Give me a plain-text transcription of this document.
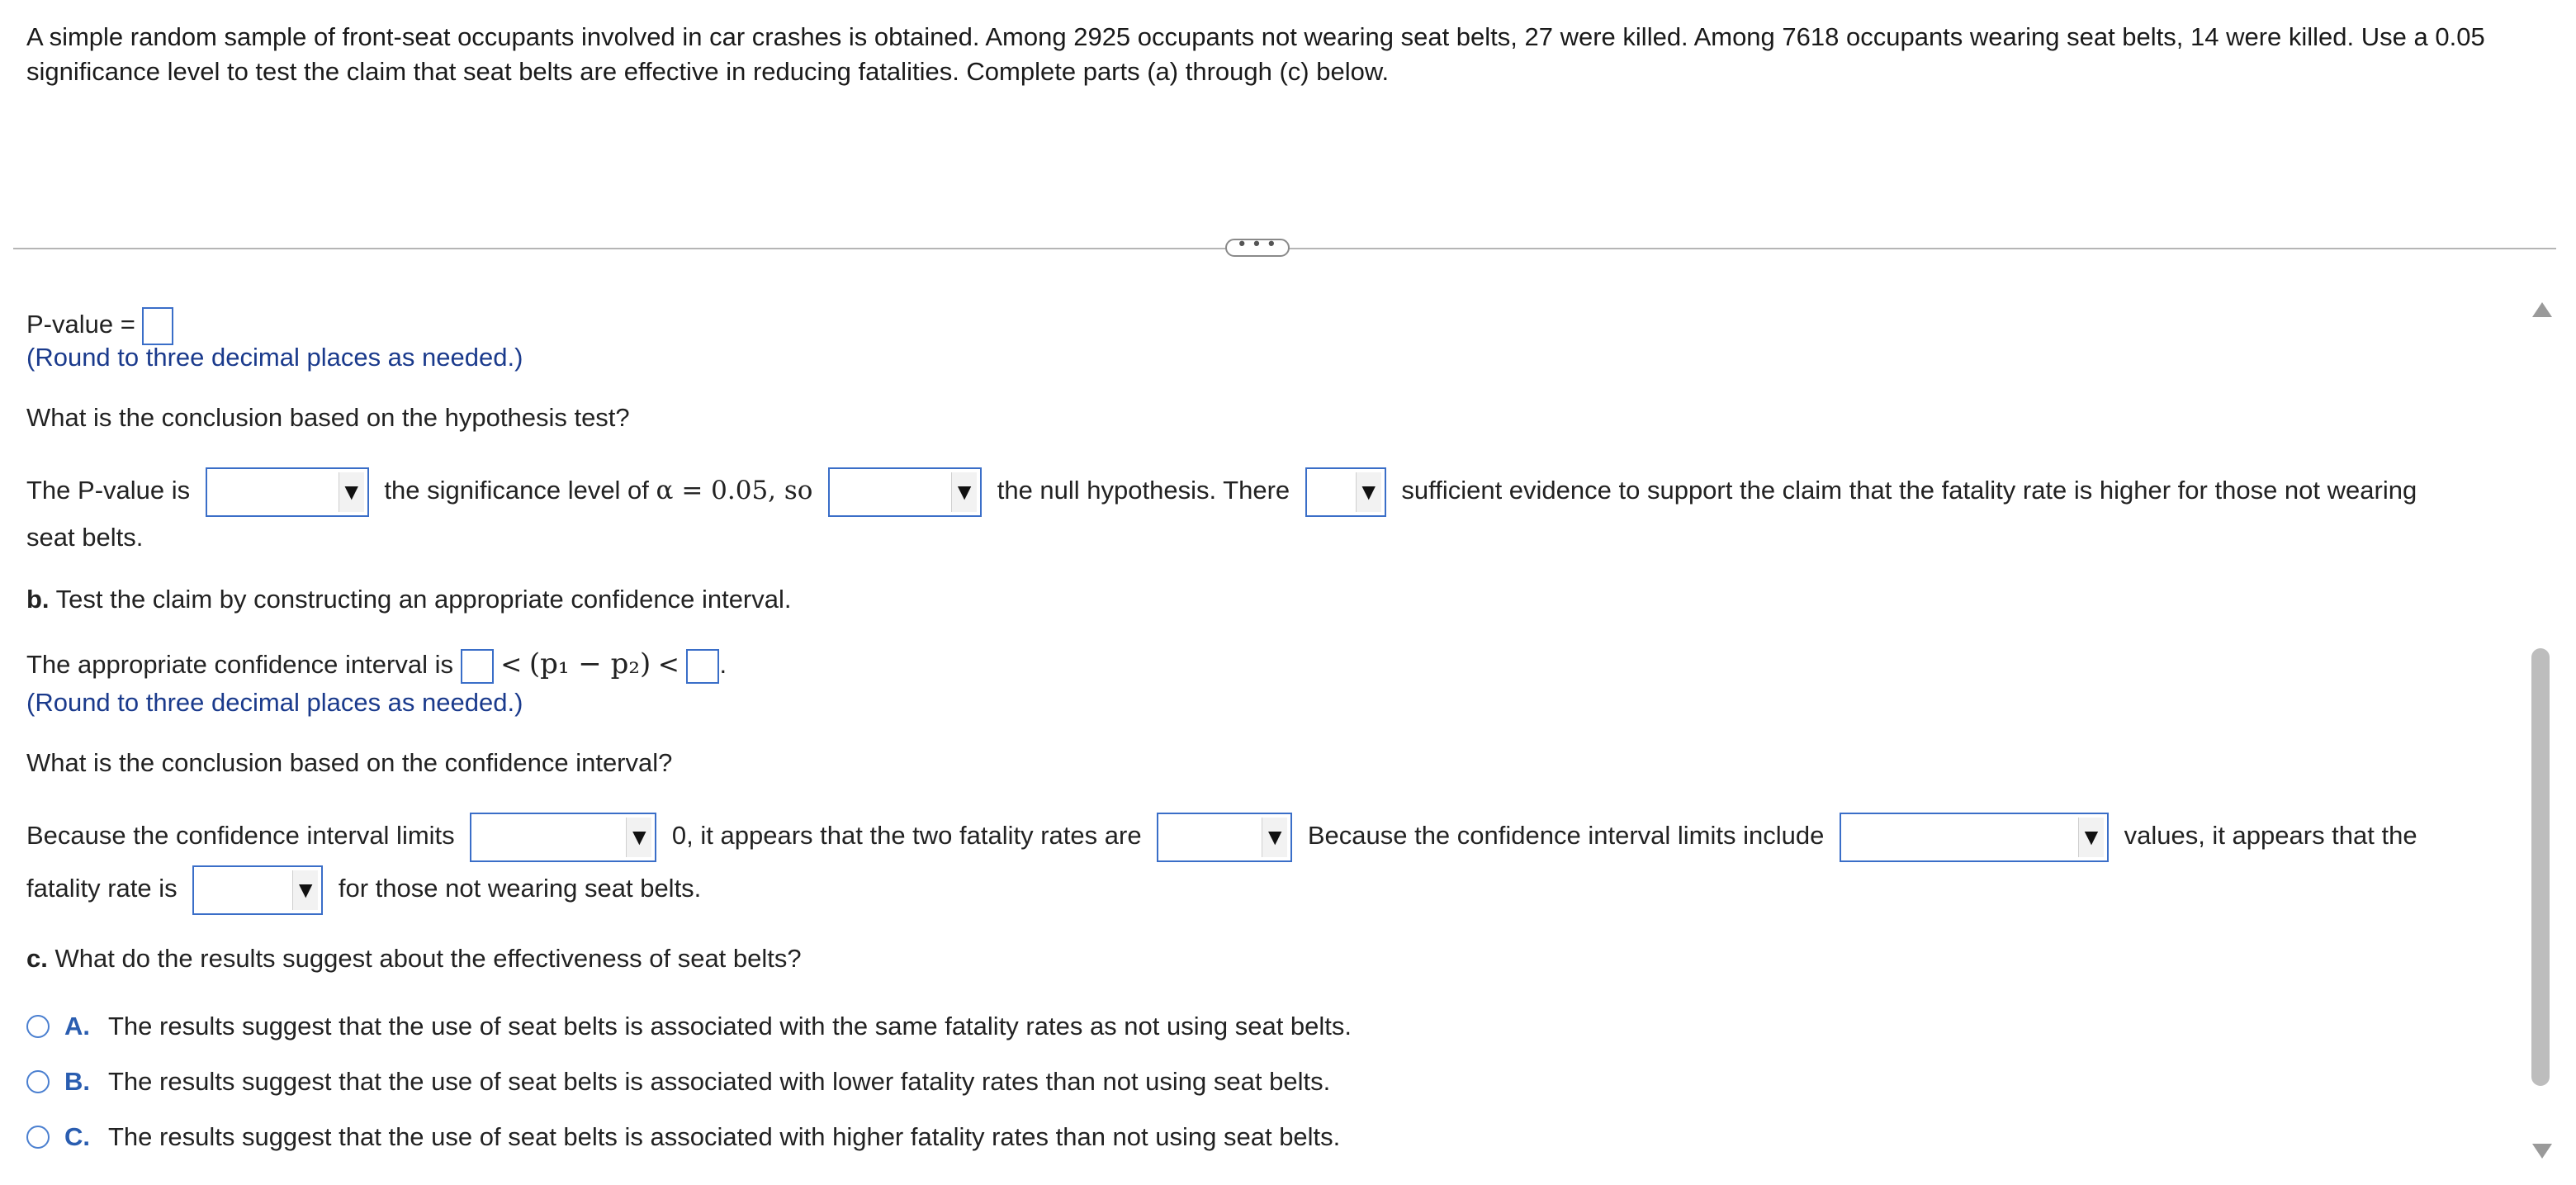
A simple random sample of front-seat occupants involved in car crashes is obtained. Among 2925 occupants not wearing seat belts, 27 were killed. Among 7618 occupants wearing seat belts, 14 were killed. Use a 0.05 significance level to test the claim that seat belts are effective in reducing fatalities. Complete parts (a) through (c) below.
• • •
P-value =
(Round to three decimal places as needed.)
What is the conclusion based on the hypothesis test?
The P-value is	▼ the significance level of α = 0.05, so	▼ the null hypothesis. There	▼ sufficient evidence to support the claim that the fatality rate is higher for those not wearing
seat belts.
b. Test the claim by constructing an appropriate confidence interval.
The appropriate confidence interval is < (p₁ − p₂) < .
(Round to three decimal places as needed.)
What is the conclusion based on the confidence interval?
Because the confidence interval limits	▼ 0, it appears that the two fatality rates are	▼ Because the confidence interval limits include	▼ values, it appears that the
fatality rate is	▼ for those not wearing seat belts.
c. What do the results suggest about the effectiveness of seat belts?
A. The results suggest that the use of seat belts is associated with the same fatality rates as not using seat belts.
B. The results suggest that the use of seat belts is associated with lower fatality rates than not using seat belts.
C. The results suggest that the use of seat belts is associated with higher fatality rates than not using seat belts.
